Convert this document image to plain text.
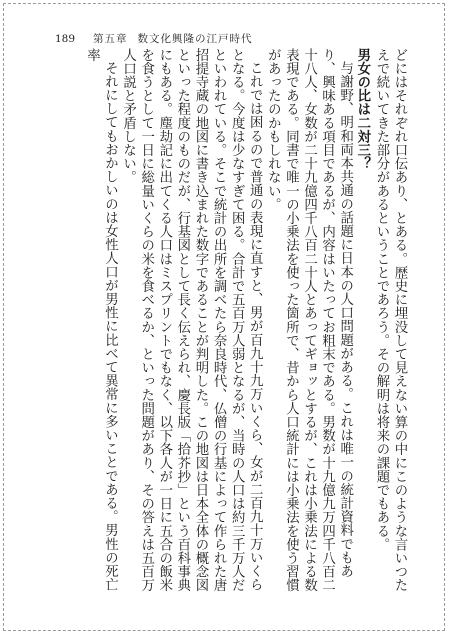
189 第五章 数文化興隆の江戸時代

どにはそれぞれ口伝あり、とある。歴史に埋没して見えない算の中にこのような言いつたえで続いてきた部分があるということであろう。その解明は将来の課題でもある。

男女の比は二対三？

与謝野、明和両本共通の話題に日本の人口問題がある。これは唯一の統計資料でもあり、興味ある項目であるが、内容はいたってお粗末である。男数が十九億九万四千八百二十八人、女数が二十九億四千八百二十人とあってギョッとするが、これは小乗法による数表現である。同書で唯一の小乗法を使った箇所で、昔から人口統計には小乗法を使う習慣があったのかもしれない。

これでは困るので普通の表現に直すと、男が百九十九万いくら、女が二百九十万いくらとなる。今度は少なすぎて困る。合計で五百万人弱となるが、当時の人口は約三千万人だといわれている。そこで統計の出所を調べたら奈良時代、仏僧の行基によって作られた唐招提寺蔵の地図に書き込まれた数字であることが判明した。この地図は日本全体の概念図といった程度のものだが、行基図として長く伝えられ、慶長版「拾芥抄」という百科事典にもある。塵劫記に出てくる人口はミスプリントでもなく、以下各人が一日に五合の飯米を食うとして一日に総量いくらの米を食べるか、といった問題があり、その答えは五百万人口説と矛盾しない。

それにしてもおかしいのは女性人口が男性に比べて異常に多いことである。男性の死亡率
